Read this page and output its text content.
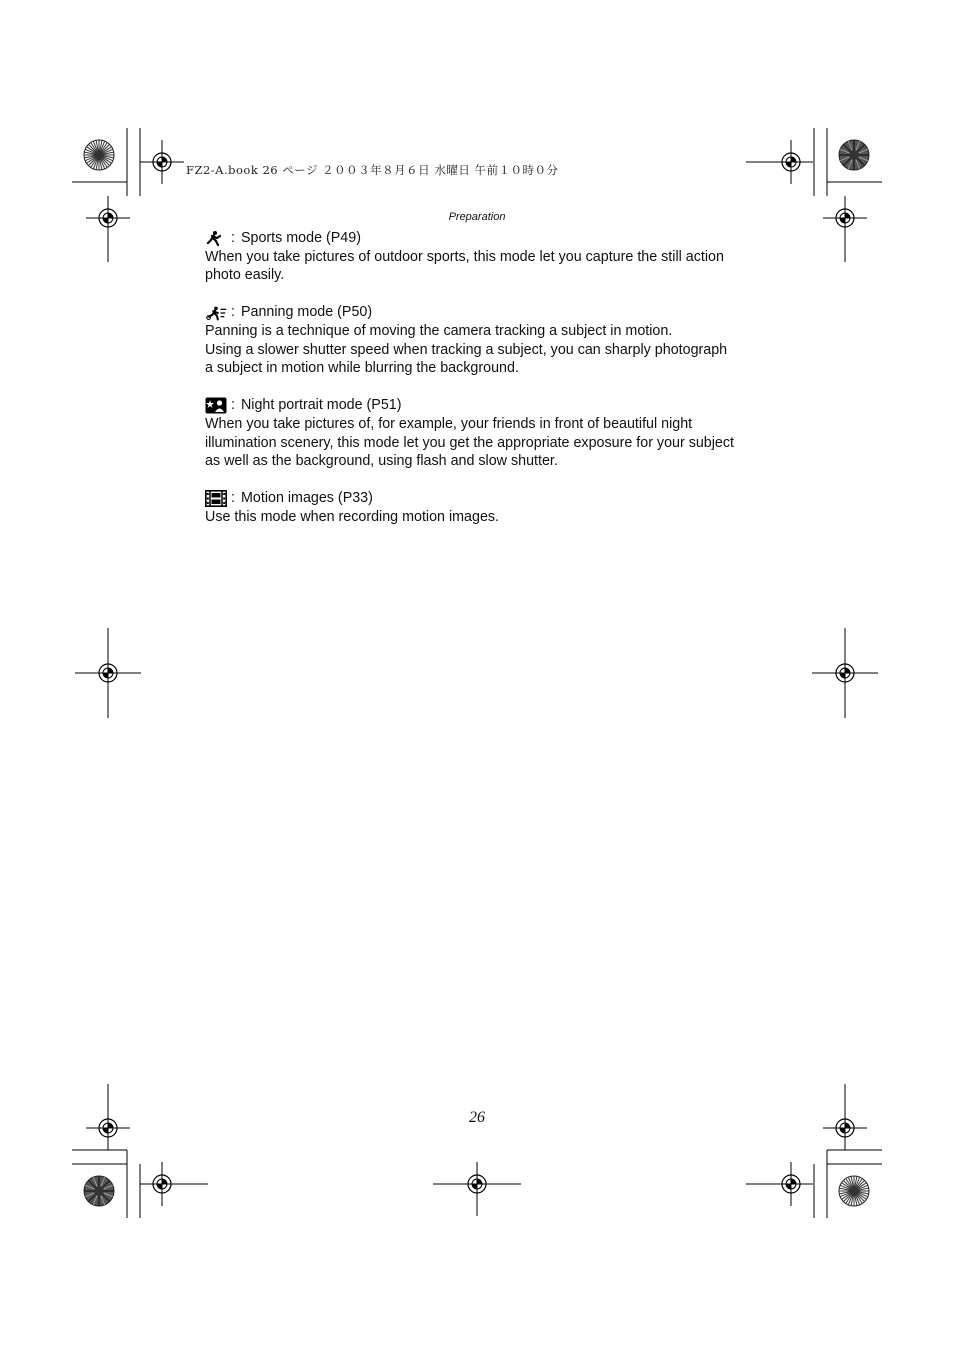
FZ2-A.book 26 ページ ２００３年８月６日 水曜日 午前１０時０分
Preparation
: Sports mode (P49)

When you take pictures of outdoor sports, this mode let you capture the still action

photo easily.

: Panning mode (P50)

Panning is a technique of moving the camera tracking a subject in motion.

Using a slower shutter speed when tracking a subject, you can sharply photograph

a subject in motion while blurring the background.

: Night portrait mode (P51)

When you take pictures of, for example, your friends in front of beautiful night

illumination scenery, this mode let you get the appropriate exposure for your subject

as well as the background, using flash and slow shutter.

: Motion images (P33)

Use this mode when recording motion images.

26
